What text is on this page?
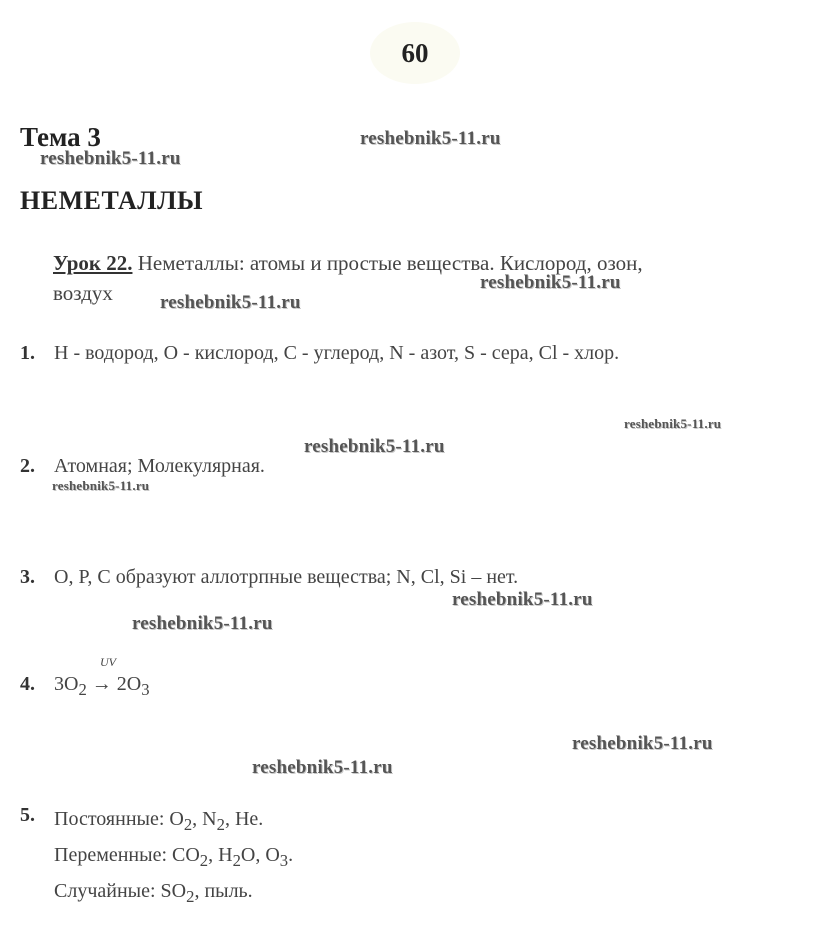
60
Тема 3
НЕМЕТАЛЛЫ
Урок 22. Неметаллы: атомы и простые вещества. Кислород, озон,
воздух
1. H - водород, O - кислород, C - углерод, N - азот, S - сера, Cl - хлор.
2. Атомная; Молекулярная.
3. O, P, C образуют аллотрпные вещества; N, Cl, Si – нет.
4. $3O_2$
UV
→ $2O_3$
5. Постоянные: $O_2$, $N_2$, He.
Переменные: $CO_2$, $H_2O$, $O_3$.
Случайные: $SO_2$, пыль.
reshebnik5-11.ru
reshebnik5-11.ru
reshebnik5-11.ru
reshebnik5-11.ru
reshebnik5-11.ru
reshebnik5-11.ru
reshebnik5-11.ru
reshebnik5-11.ru
reshebnik5-11.ru
reshebnik5-11.ru
reshebnik5-11.ru
